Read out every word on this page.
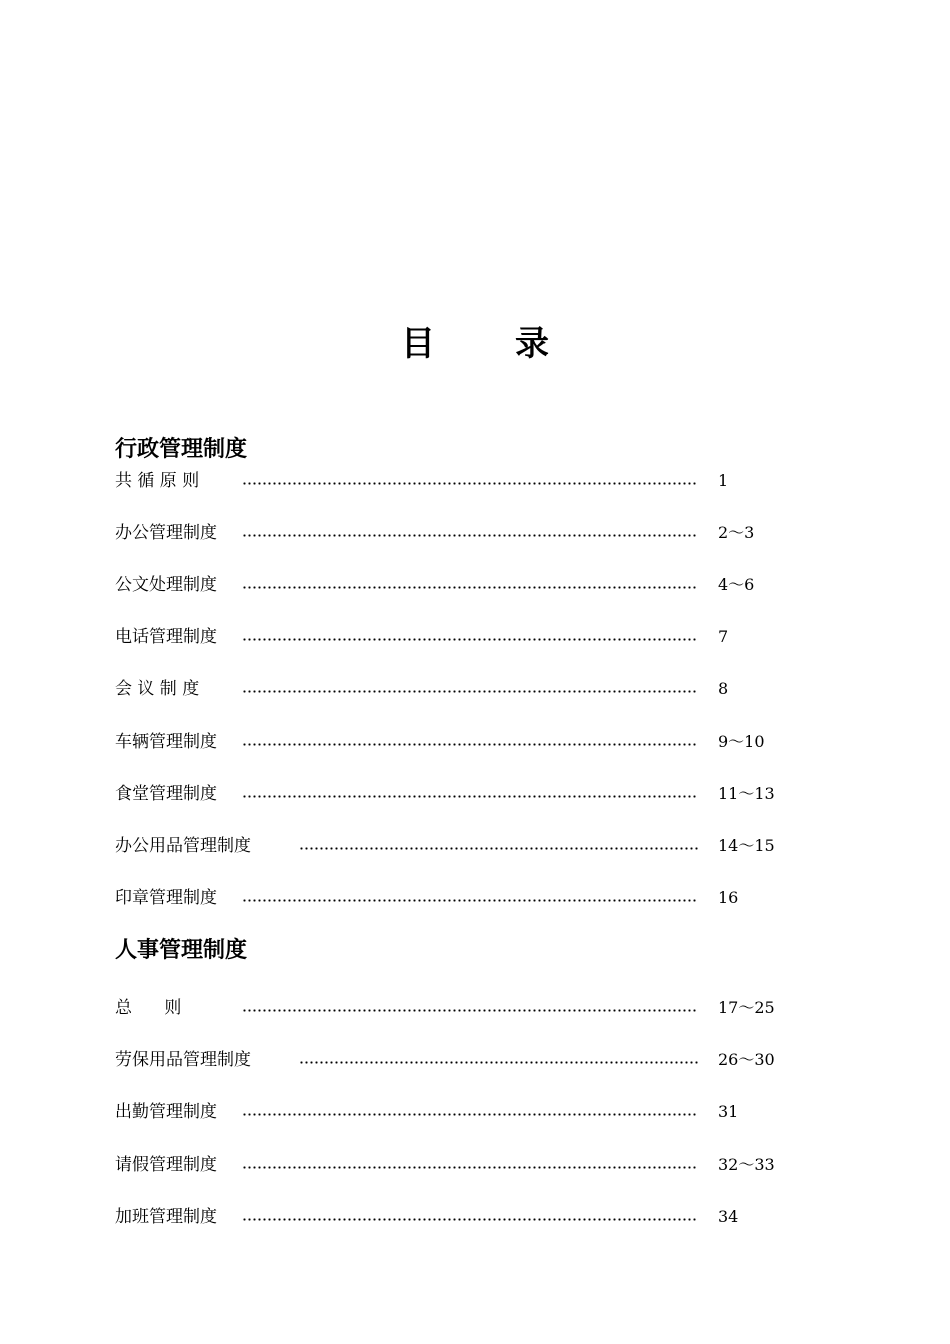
目 录
行政管理制度
共 循 原 则	1
办公管理制度	2～3
公文处理制度	4～6
电话管理制度	7
会 议 制 度	8
车辆管理制度	9～10
食堂管理制度	11～13
办公用品管理制度	14～15
印章管理制度	16
人事管理制度
总      则	17～25
劳保用品管理制度	26～30
出勤管理制度	31
请假管理制度	32～33
加班管理制度	34
